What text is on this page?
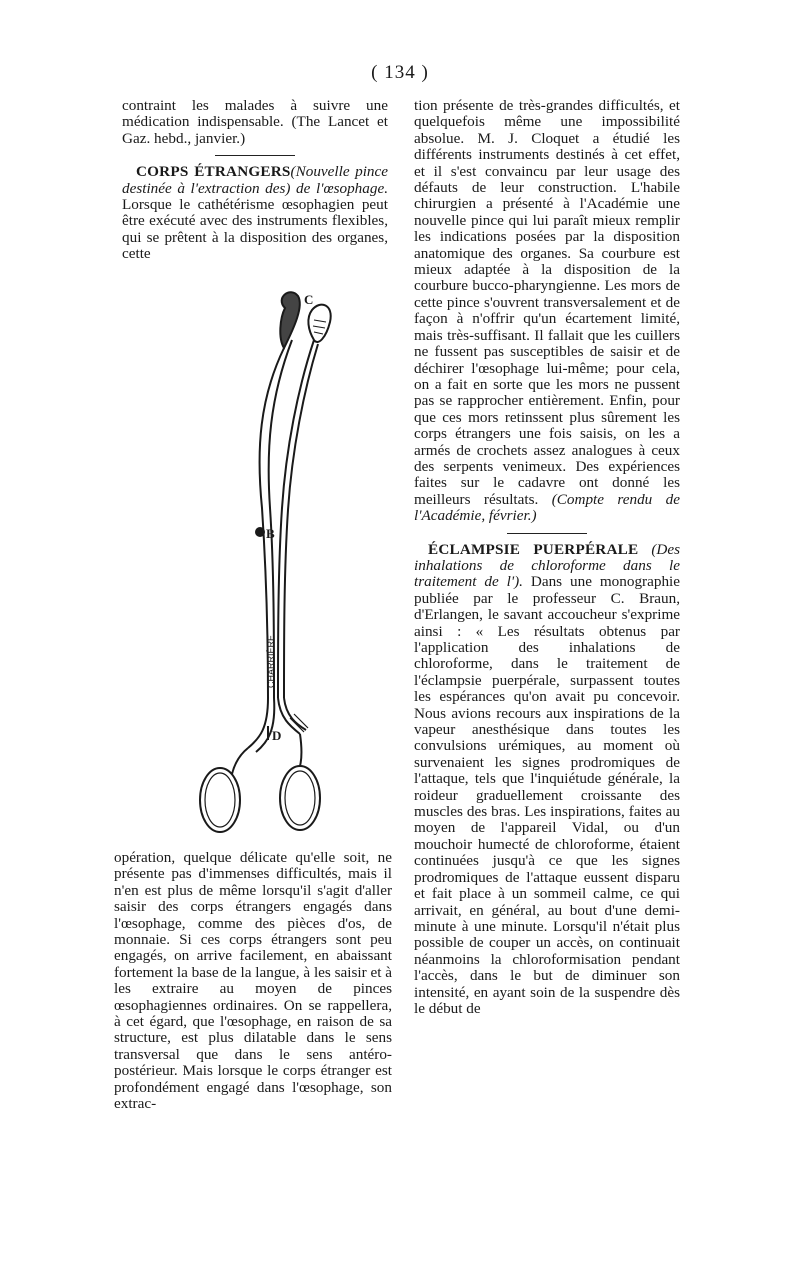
( 134 )

contraint les malades à suivre une médication indispensable. (The Lancet et Gaz. hebd., janvier.)

CORPS ÉTRANGERS(Nouvelle pince destinée à l'extraction des) de l'œsophage. Lorsque le cathétérisme œsophagien peut être exécuté avec des instruments flexibles, qui se prêtent à la disposition des organes, cette

C
B
D
CHARRIÈRE

opération, quelque délicate qu'elle soit, ne présente pas d'immenses difficultés, mais il n'en est plus de même lorsqu'il s'agit d'aller saisir des corps étrangers engagés dans l'œsophage, comme des pièces d'os, de monnaie. Si ces corps étrangers sont peu engagés, on arrive facilement, en abaissant fortement la base de la langue, à les saisir et à les extraire au moyen de pinces œsophagiennes ordinaires. On se rappellera, à cet égard, que l'œsophage, en raison de sa structure, est plus dilatable dans le sens transversal que dans le sens antéro-postérieur. Mais lorsque le corps étranger est profondément engagé dans l'œsophage, son extrac-

tion présente de très-grandes difficultés, et quelquefois même une impossibilité absolue. M. J. Cloquet a étudié les différents instruments destinés à cet effet, et il s'est convaincu par leur usage des défauts de leur construction. L'habile chirurgien a présenté à l'Académie une nouvelle pince qui lui paraît mieux remplir les indications posées par la disposition anatomique des organes. Sa courbure est mieux adaptée à la disposition de la courbure bucco-pharyngienne. Les mors de cette pince s'ouvrent transversalement et de façon à n'offrir qu'un écartement limité, mais très-suffisant. Il fallait que les cuillers ne fussent pas susceptibles de saisir et de déchirer l'œsophage lui-même; pour cela, on a fait en sorte que les mors ne pussent pas se rapprocher entièrement. Enfin, pour que ces mors retinssent plus sûrement les corps étrangers une fois saisis, on les a armés de crochets assez analogues à ceux des serpents venimeux. Des expériences faites sur le cadavre ont donné les meilleurs résultats. (Compte rendu de l'Académie, février.)

ÉCLAMPSIE PUERPÉRALE (Des inhalations de chloroforme dans le traitement de l'). Dans une monographie publiée par le professeur C. Braun, d'Erlangen, le savant accoucheur s'exprime ainsi : « Les résultats obtenus par l'application des inhalations de chloroforme, dans le traitement de l'éclampsie puerpérale, surpassent toutes les espérances qu'on avait pu concevoir. Nous avions recours aux inspirations de la vapeur anesthésique dans toutes les convulsions urémiques, au moment où survenaient les signes prodromiques de l'attaque, tels que l'inquiétude générale, la roideur graduellement croissante des muscles des bras. Les inspirations, faites au moyen de l'appareil Vidal, ou d'un mouchoir humecté de chloroforme, étaient continuées jusqu'à ce que les signes prodromiques de l'attaque eussent disparu et fait place à un sommeil calme, ce qui arrivait, en général, au bout d'une demi-minute à une minute. Lorsqu'il n'était plus possible de couper un accès, on continuait néanmoins la chloroformisation pendant l'accès, dans le but de diminuer son intensité, en ayant soin de la suspendre dès le début de
